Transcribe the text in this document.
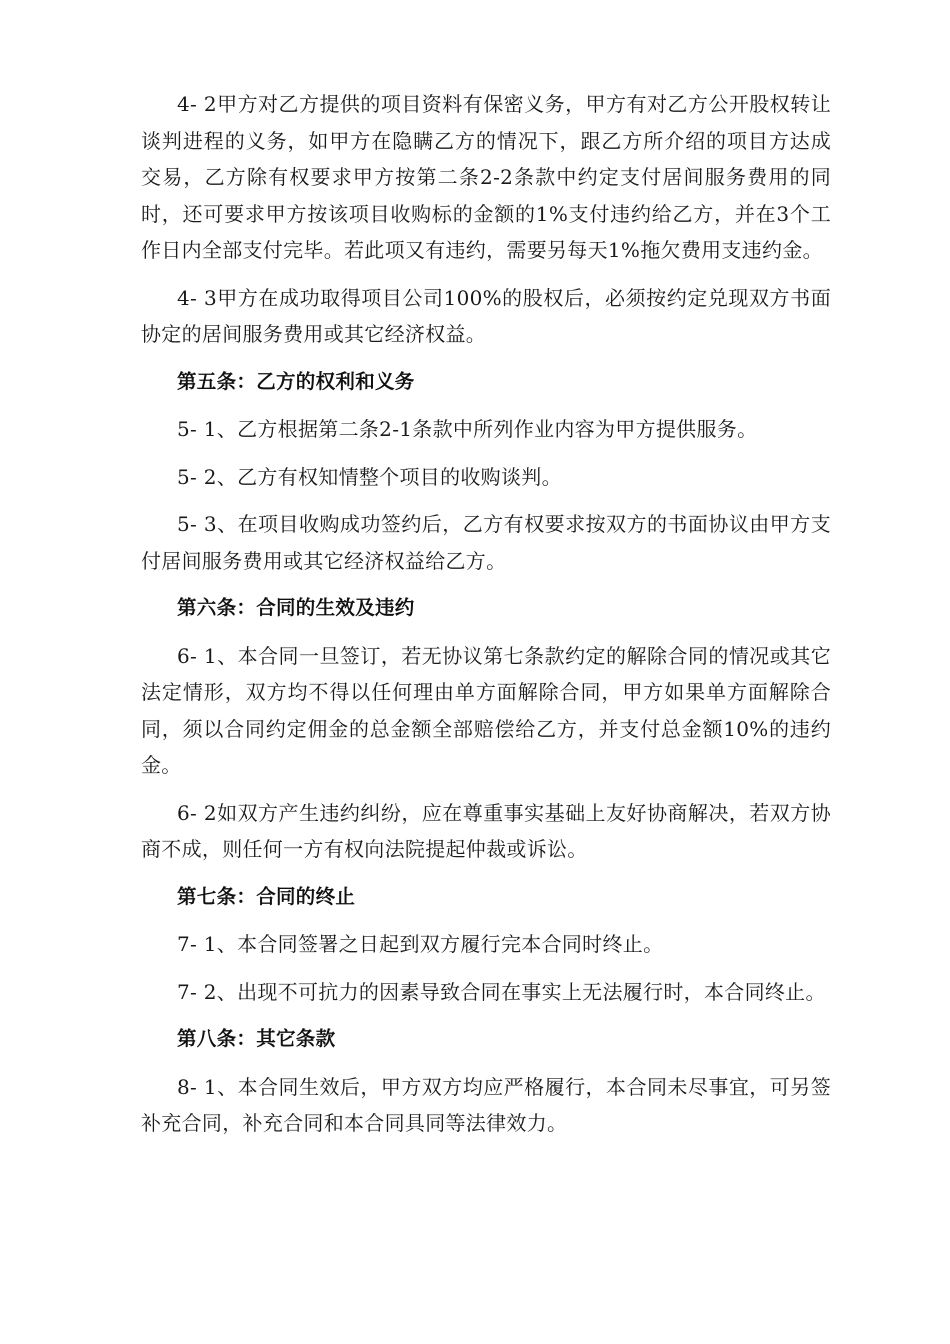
4- 2甲方对乙方提供的项目资料有保密义务，甲方有对乙方公开股权转让谈判进程的义务，如甲方在隐瞒乙方的情况下，跟乙方所介绍的项目方达成交易，乙方除有权要求甲方按第二条2-2条款中约定支付居间服务费用的同时，还可要求甲方按该项目收购标的金额的1%支付违约给乙方，并在3个工作日内全部支付完毕。若此项又有违约，需要另每天1%拖欠费用支违约金。

4- 3甲方在成功取得项目公司100%的股权后，必须按约定兑现双方书面协定的居间服务费用或其它经济权益。

第五条：乙方的权利和义务

5- 1、乙方根据第二条2-1条款中所列作业内容为甲方提供服务。

5- 2、乙方有权知情整个项目的收购谈判。

5- 3、在项目收购成功签约后，乙方有权要求按双方的书面协议由甲方支付居间服务费用或其它经济权益给乙方。

第六条：合同的生效及违约

6- 1、本合同一旦签订，若无协议第七条款约定的解除合同的情况或其它法定情形，双方均不得以任何理由单方面解除合同，甲方如果单方面解除合同，须以合同约定佣金的总金额全部赔偿给乙方，并支付总金额10%的违约金。

6- 2如双方产生违约纠纷，应在尊重事实基础上友好协商解决，若双方协商不成，则任何一方有权向法院提起仲裁或诉讼。

第七条：合同的终止

7- 1、本合同签署之日起到双方履行完本合同时终止。

7- 2、出现不可抗力的因素导致合同在事实上无法履行时，本合同终止。

第八条：其它条款

8- 1、本合同生效后，甲方双方均应严格履行，本合同未尽事宜，可另签补充合同，补充合同和本合同具同等法律效力。
